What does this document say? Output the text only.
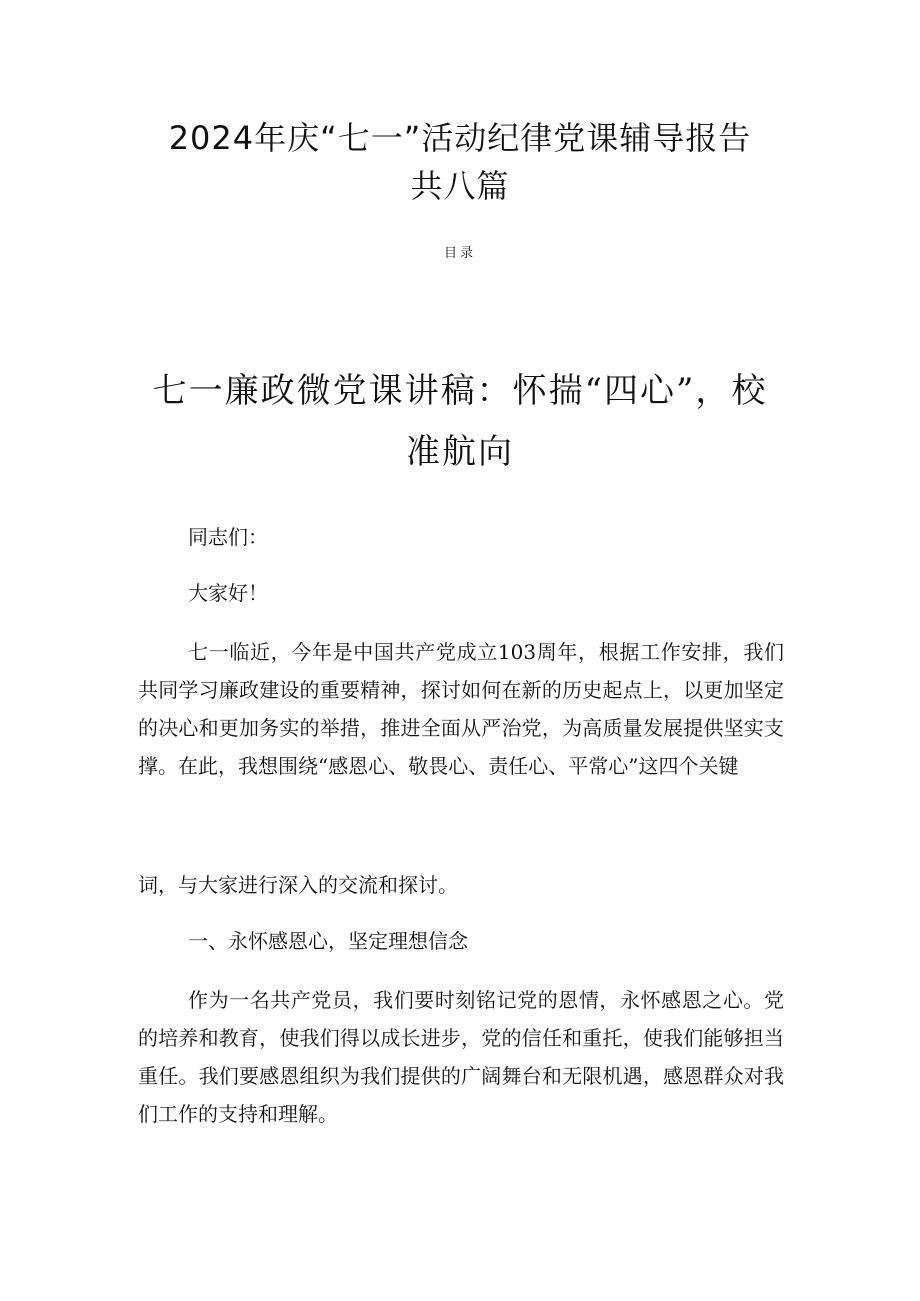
2024年庆“七一”活动纪律党课辅导报告
共八篇
目录
七一廉政微党课讲稿：怀揣“四心”，校
准航向

同志们：

大家好！

七一临近，今年是中国共产党成立103周年，根据工作安排，我们共同学习廉政建设的重要精神，探讨如何在新的历史起点上，以更加坚定的决心和更加务实的举措，推进全面从严治党，为高质量发展提供坚实支撑。在此，我想围绕“感恩心、敬畏心、责任心、平常心”这四个关键

词，与大家进行深入的交流和探讨。

一、永怀感恩心，坚定理想信念

作为一名共产党员，我们要时刻铭记党的恩情，永怀感恩之心。党的培养和教育，使我们得以成长进步，党的信任和重托，使我们能够担当重任。我们要感恩组织为我们提供的广阔舞台和无限机遇，感恩群众对我们工作的支持和理解。
